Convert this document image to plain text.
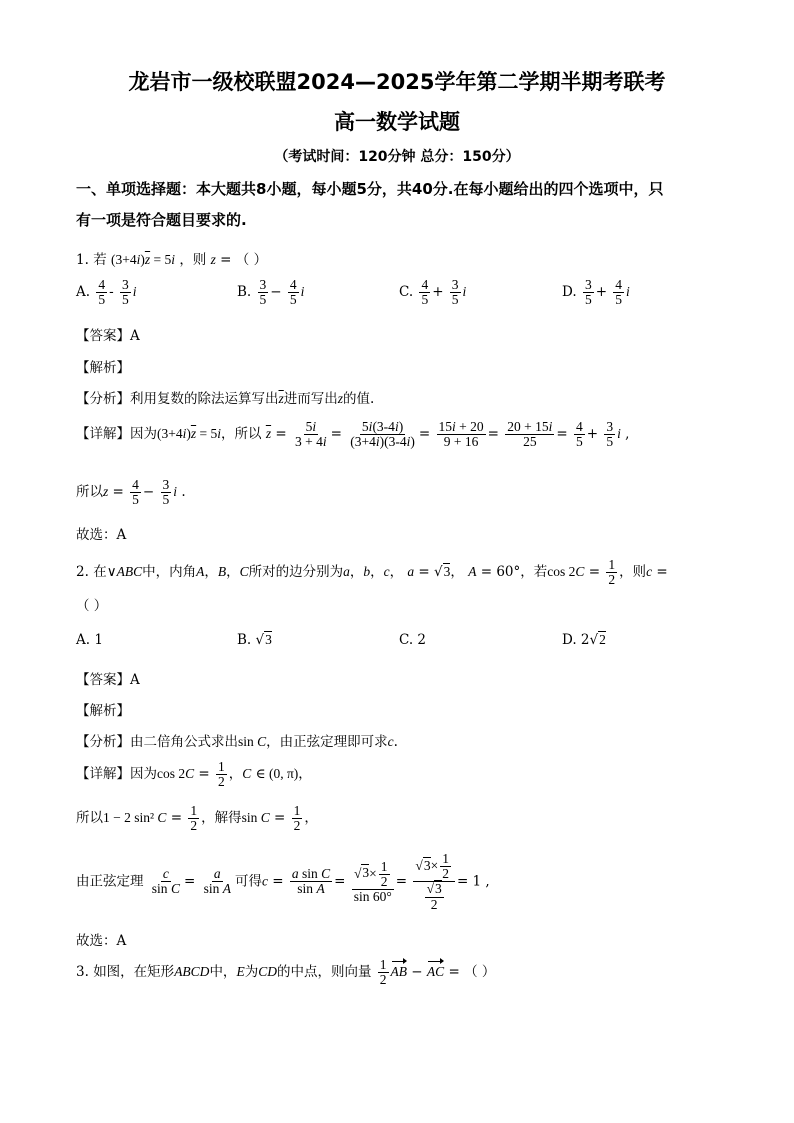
龙岩市一级校联盟2024—2025学年第二学期半期考联考
高一数学试题
（考试时间：120分钟 总分：150分）
一、单项选择题：本大题共8小题，每小题5分，共40分.在每小题给出的四个选项中，只
有一项是符合题目要求的.
1. 若 $(3+4i)\overline{z} = 5i$ ，则 z = （ ）
A. $\frac{4}{5} - \frac{3}{5}$ i	B. $\frac{3}{5} - \frac{4}{5}$ i	C. $\frac{4}{5} + \frac{3}{5}$ i	D. $\frac{3}{5} + \frac{4}{5}$ i
【答案】A
【解析】
【分析】利用复数的除法运算写出$\overline{z}$进而写出z的值.
【详解】因为$(3+4i)\overline{z} = 5i$，所以 $\overline{z} = \frac{5i}{3 + 4i} = \frac{5i(3-4i)}{(3+4i)(3-4i)} = \frac{15i + 20}{9 + 16} = \frac{20 + 15i}{25} = \frac{4}{5} + \frac{3}{5}$ i ,
所以$z = \frac{4}{5} - \frac{3}{5}$ i .
故选：A
2. 在∨ABC中，内角A，B，C所对的边分别为a，b，c， a = √3， A = 60°，若$\cos 2C = \frac{1}{2}$ ，则c =
（ ）
A. 1	B. √3	C. 2	D. 2√2
【答案】A
【解析】
【分析】由二倍角公式求出sin C，由正弦定理即可求c.
【详解】因为$\cos 2C = \frac{1}{2}$ ，C ∈ (0, π)，
所以1 − 2 sin² $C = \frac{1}{2}$ ，解得$\sin C = \frac{1}{2}$ ，
由正弦定理 $\frac{c}{\text{sin C}} = \frac{a}{\text{sin A}}$ 可得$c = \frac{\text{a sin C}}{\text{sin A}} = \frac{√3\times \frac{1}{2}}{\sin 60^\circ} = \frac{√3\times \frac{1}{2}}{\frac{√3}{2}} = 1$ ,
故选：A
3. 如图，在矩形ABCD中，E为CD的中点，则向量 $\frac{1}{2}$ AB − AC = （ ）
